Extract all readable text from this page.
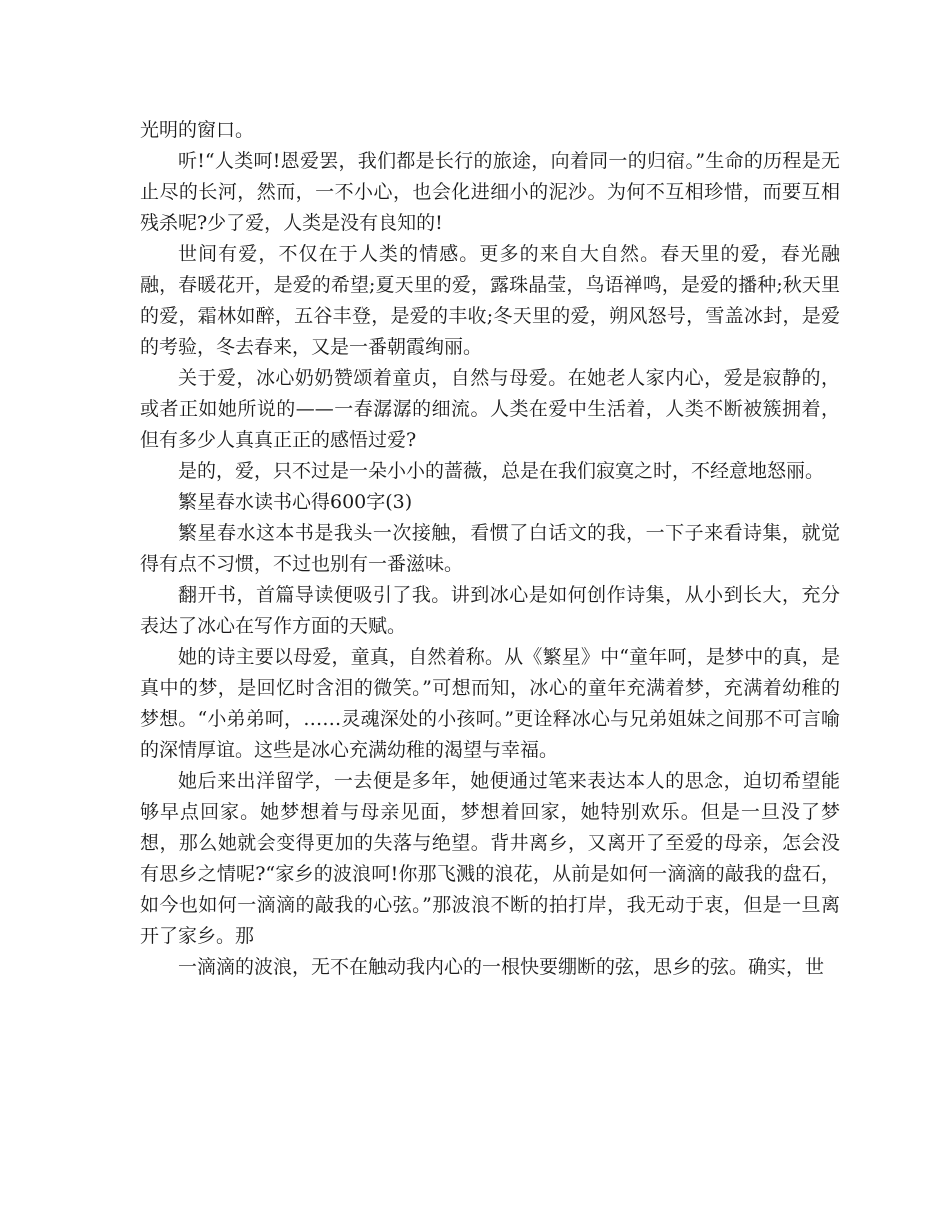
光明的窗口。

听!“人类呵!恩爱罢，我们都是长行的旅途，向着同一的归宿。”生命的历程是无止尽的长河，然而，一不小心，也会化进细小的泥沙。为何不互相珍惜，而要互相残杀呢?少了爱，人类是没有良知的!

世间有爱，不仅在于人类的情感。更多的来自大自然。春天里的爱，春光融融，春暖花开，是爱的希望;夏天里的爱，露珠晶莹，鸟语禅鸣，是爱的播种;秋天里的爱，霜林如醉，五谷丰登，是爱的丰收;冬天里的爱，朔风怒号，雪盖冰封，是爱的考验，冬去春来，又是一番朝霞绚丽。

关于爱，冰心奶奶赞颂着童贞，自然与母爱。在她老人家内心，爱是寂静的，或者正如她所说的——一春潺潺的细流。人类在爱中生活着，人类不断被簇拥着，但有多少人真真正正的感悟过爱?

是的，爱，只不过是一朵小小的蔷薇，总是在我们寂寞之时，不经意地怒丽。

繁星春水读书心得600字(3)

繁星春水这本书是我头一次接触，看惯了白话文的我，一下子来看诗集，就觉得有点不习惯，不过也别有一番滋味。

翻开书，首篇导读便吸引了我。讲到冰心是如何创作诗集，从小到长大，充分表达了冰心在写作方面的天赋。

她的诗主要以母爱，童真，自然着称。从《繁星》中“童年呵，是梦中的真，是真中的梦，是回忆时含泪的微笑。”可想而知，冰心的童年充满着梦，充满着幼稚的梦想。“小弟弟呵，……灵魂深处的小孩呵。”更诠释冰心与兄弟姐妹之间那不可言喻的深情厚谊。这些是冰心充满幼稚的渴望与幸福。

她后来出洋留学，一去便是多年，她便通过笔来表达本人的思念，迫切希望能够早点回家。她梦想着与母亲见面，梦想着回家，她特别欢乐。但是一旦没了梦想，那么她就会变得更加的失落与绝望。背井离乡，又离开了至爱的母亲，怎会没有思乡之情呢?“家乡的波浪呵!你那飞溅的浪花，从前是如何一滴滴的敲我的盘石，如今也如何一滴滴的敲我的心弦。”那波浪不断的拍打岸，我无动于衷，但是一旦离开了家乡。那

一滴滴的波浪，无不在触动我内心的一根快要绷断的弦，思乡的弦。确实，世
